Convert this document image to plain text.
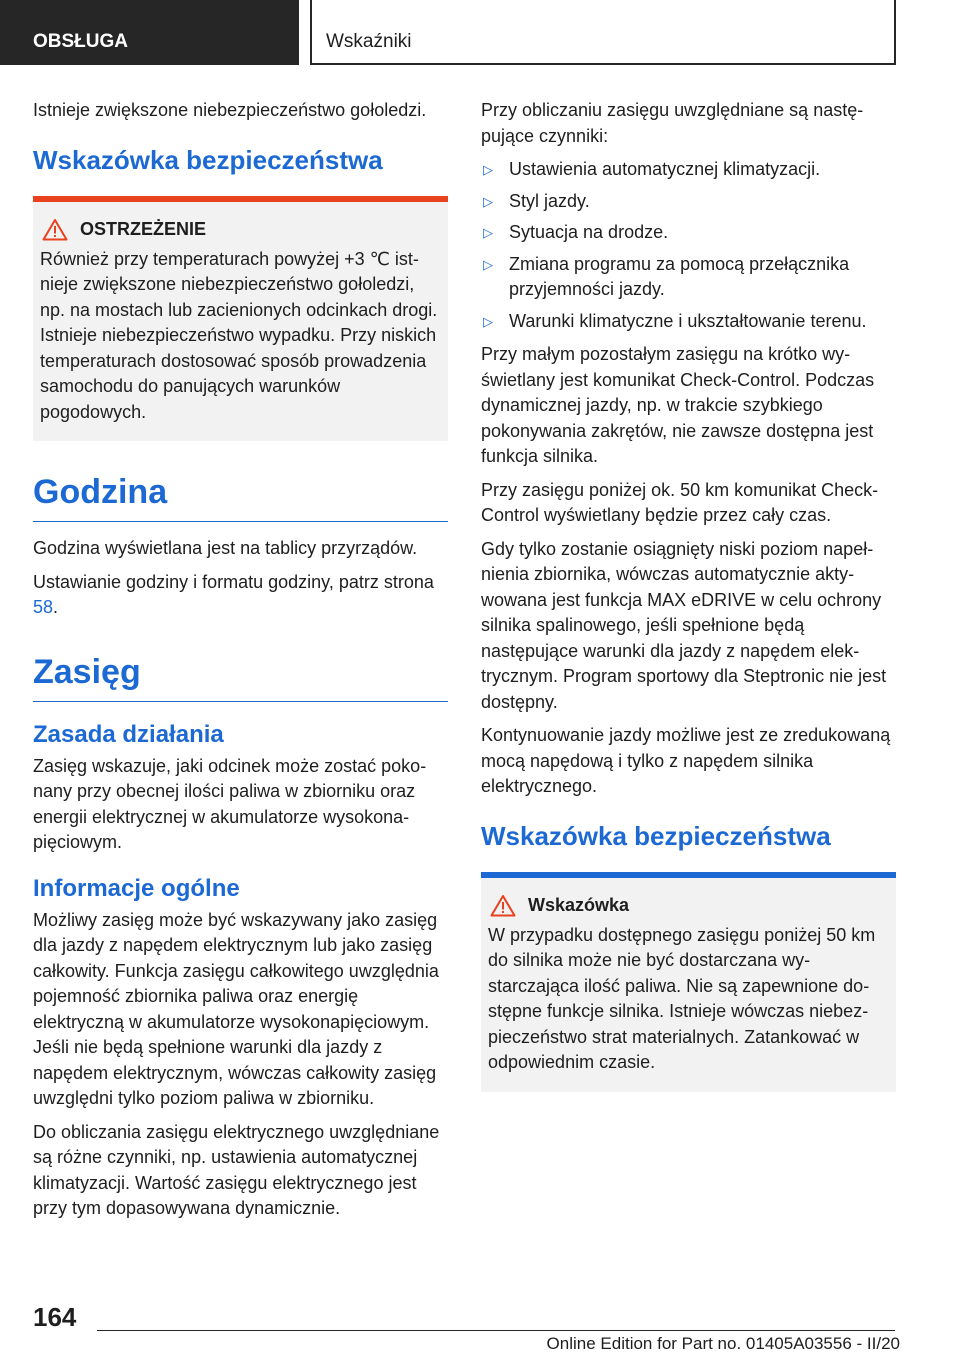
OBSŁUGA	Wskaźniki

Istnieje zwiększone niebezpieczeństwo gołoledzi.

Wskazówka bezpieczeństwa
OSTRZEŻENIE

Również przy temperaturach powyżej +3 ℃ istnieje zwiększone niebezpieczeństwo gołoledzi, np. na mostach lub zacienionych odcinkach drogi. Istnieje niebezpieczeństwo wypadku. Przy niskich temperaturach dostosować sposób prowadzenia samochodu do panujących warunków pogodowych.

Godzina

Godzina wyświetlana jest na tablicy przyrządów.

Ustawianie godziny i formatu godziny, patrz strona 58.

Zasięg
Zasada działania

Zasięg wskazuje, jaki odcinek może zostać pokonany przy obecnej ilości paliwa w zbiorniku oraz energii elektrycznej w akumulatorze wysokonapięciowym.

Informacje ogólne

Możliwy zasięg może być wskazywany jako zasięg dla jazdy z napędem elektrycznym lub jako zasięg całkowity. Funkcja zasięgu całkowitego uwzględnia pojemność zbiornika paliwa oraz energię elektryczną w akumulatorze wysokonapięciowym. Jeśli nie będą spełnione warunki dla jazdy z napędem elektrycznym, wówczas całkowity zasięg uwzględni tylko poziom paliwa w zbiorniku.

Do obliczania zasięgu elektrycznego uwzględniane są różne czynniki, np. ustawienia automatycznej klimatyzacji. Wartość zasięgu elektrycznego jest przy tym dopasowywana dynamicznie.

Przy obliczaniu zasięgu uwzględniane są następujące czynniki:

▷ Ustawienia automatycznej klimatyzacji.
▷ Styl jazdy.
▷ Sytuacja na drodze.
▷ Zmiana programu za pomocą przełącznika przyjemności jazdy.
▷ Warunki klimatyczne i ukształtowanie terenu.

Przy małym pozostałym zasięgu na krótko wyświetlany jest komunikat Check-Control. Podczas dynamicznej jazdy, np. w trakcie szybkiego pokonywania zakrętów, nie zawsze dostępna jest funkcja silnika.

Przy zasięgu poniżej ok. 50 km komunikat Check-Control wyświetlany będzie przez cały czas.

Gdy tylko zostanie osiągnięty niski poziom napełnienia zbiornika, wówczas automatycznie aktywowana jest funkcja MAX eDRIVE w celu ochrony silnika spalinowego, jeśli spełnione będą następujące warunki dla jazdy z napędem elektrycznym. Program sportowy dla Steptronic nie jest dostępny.

Kontynuowanie jazdy możliwe jest ze zredukowaną mocą napędową i tylko z napędem silnika elektrycznego.

Wskazówka bezpieczeństwa
Wskazówka

W przypadku dostępnego zasięgu poniżej 50 km do silnika może nie być dostarczana wystarczająca ilość paliwa. Nie są zapewnione dostępne funkcje silnika. Istnieje wówczas niebezpieczeństwo strat materialnych. Zatankować w odpowiednim czasie.

164
Online Edition for Part no. 01405A03556 - II/20
